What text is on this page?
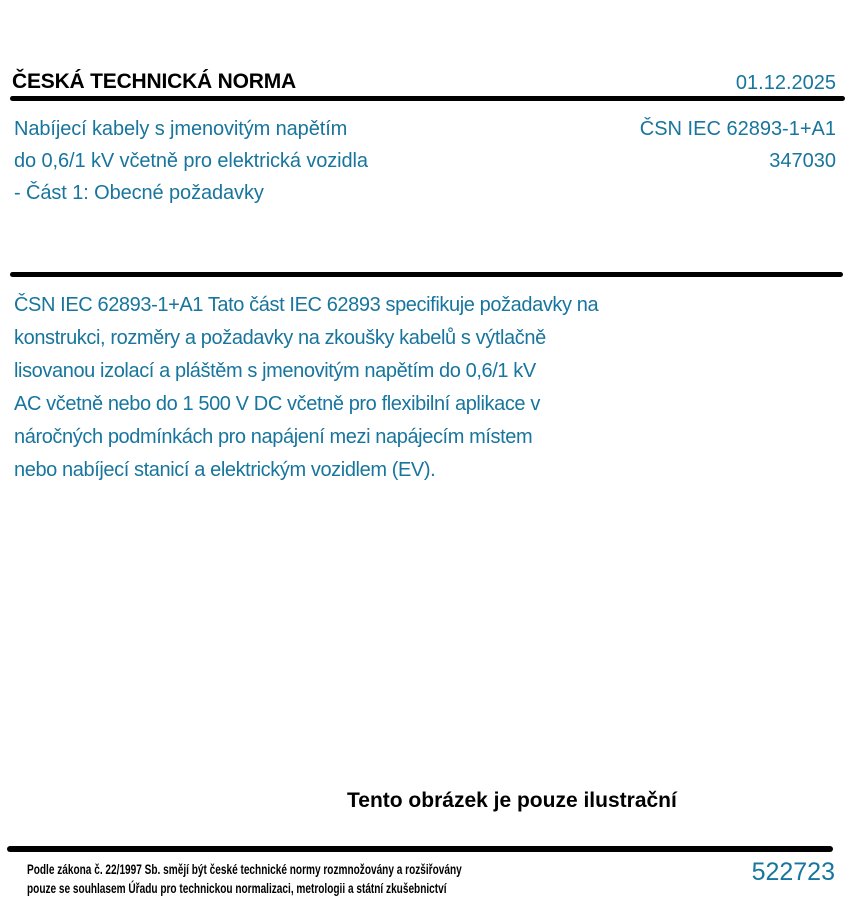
ČESKÁ TECHNICKÁ NORMA	01.12.2025
Nabíjecí kabely s jmenovitým napětím
do 0,6/1 kV včetně pro elektrická vozidla
- Část 1: Obecné požadavky
ČSN IEC 62893-1+A1
347030
ČSN IEC 62893-1+A1 Tato část IEC 62893 specifikuje požadavky na
konstrukci, rozměry a požadavky na zkoušky kabelů s výtlačně
lisovanou izolací a pláštěm s jmenovitým napětím do 0,6/1 kV
AC včetně nebo do 1 500 V DC včetně pro flexibilní aplikace v
náročných podmínkách pro napájení mezi napájecím místem
nebo nabíjecí stanicí a elektrickým vozidlem (EV).
Tento obrázek je pouze ilustrační
Podle zákona č. 22/1997 Sb. smějí být české technické normy rozmnožovány a rozšiřovány
pouze se souhlasem Úřadu pro technickou normalizaci, metrologii a státní zkušebnictví
522723
